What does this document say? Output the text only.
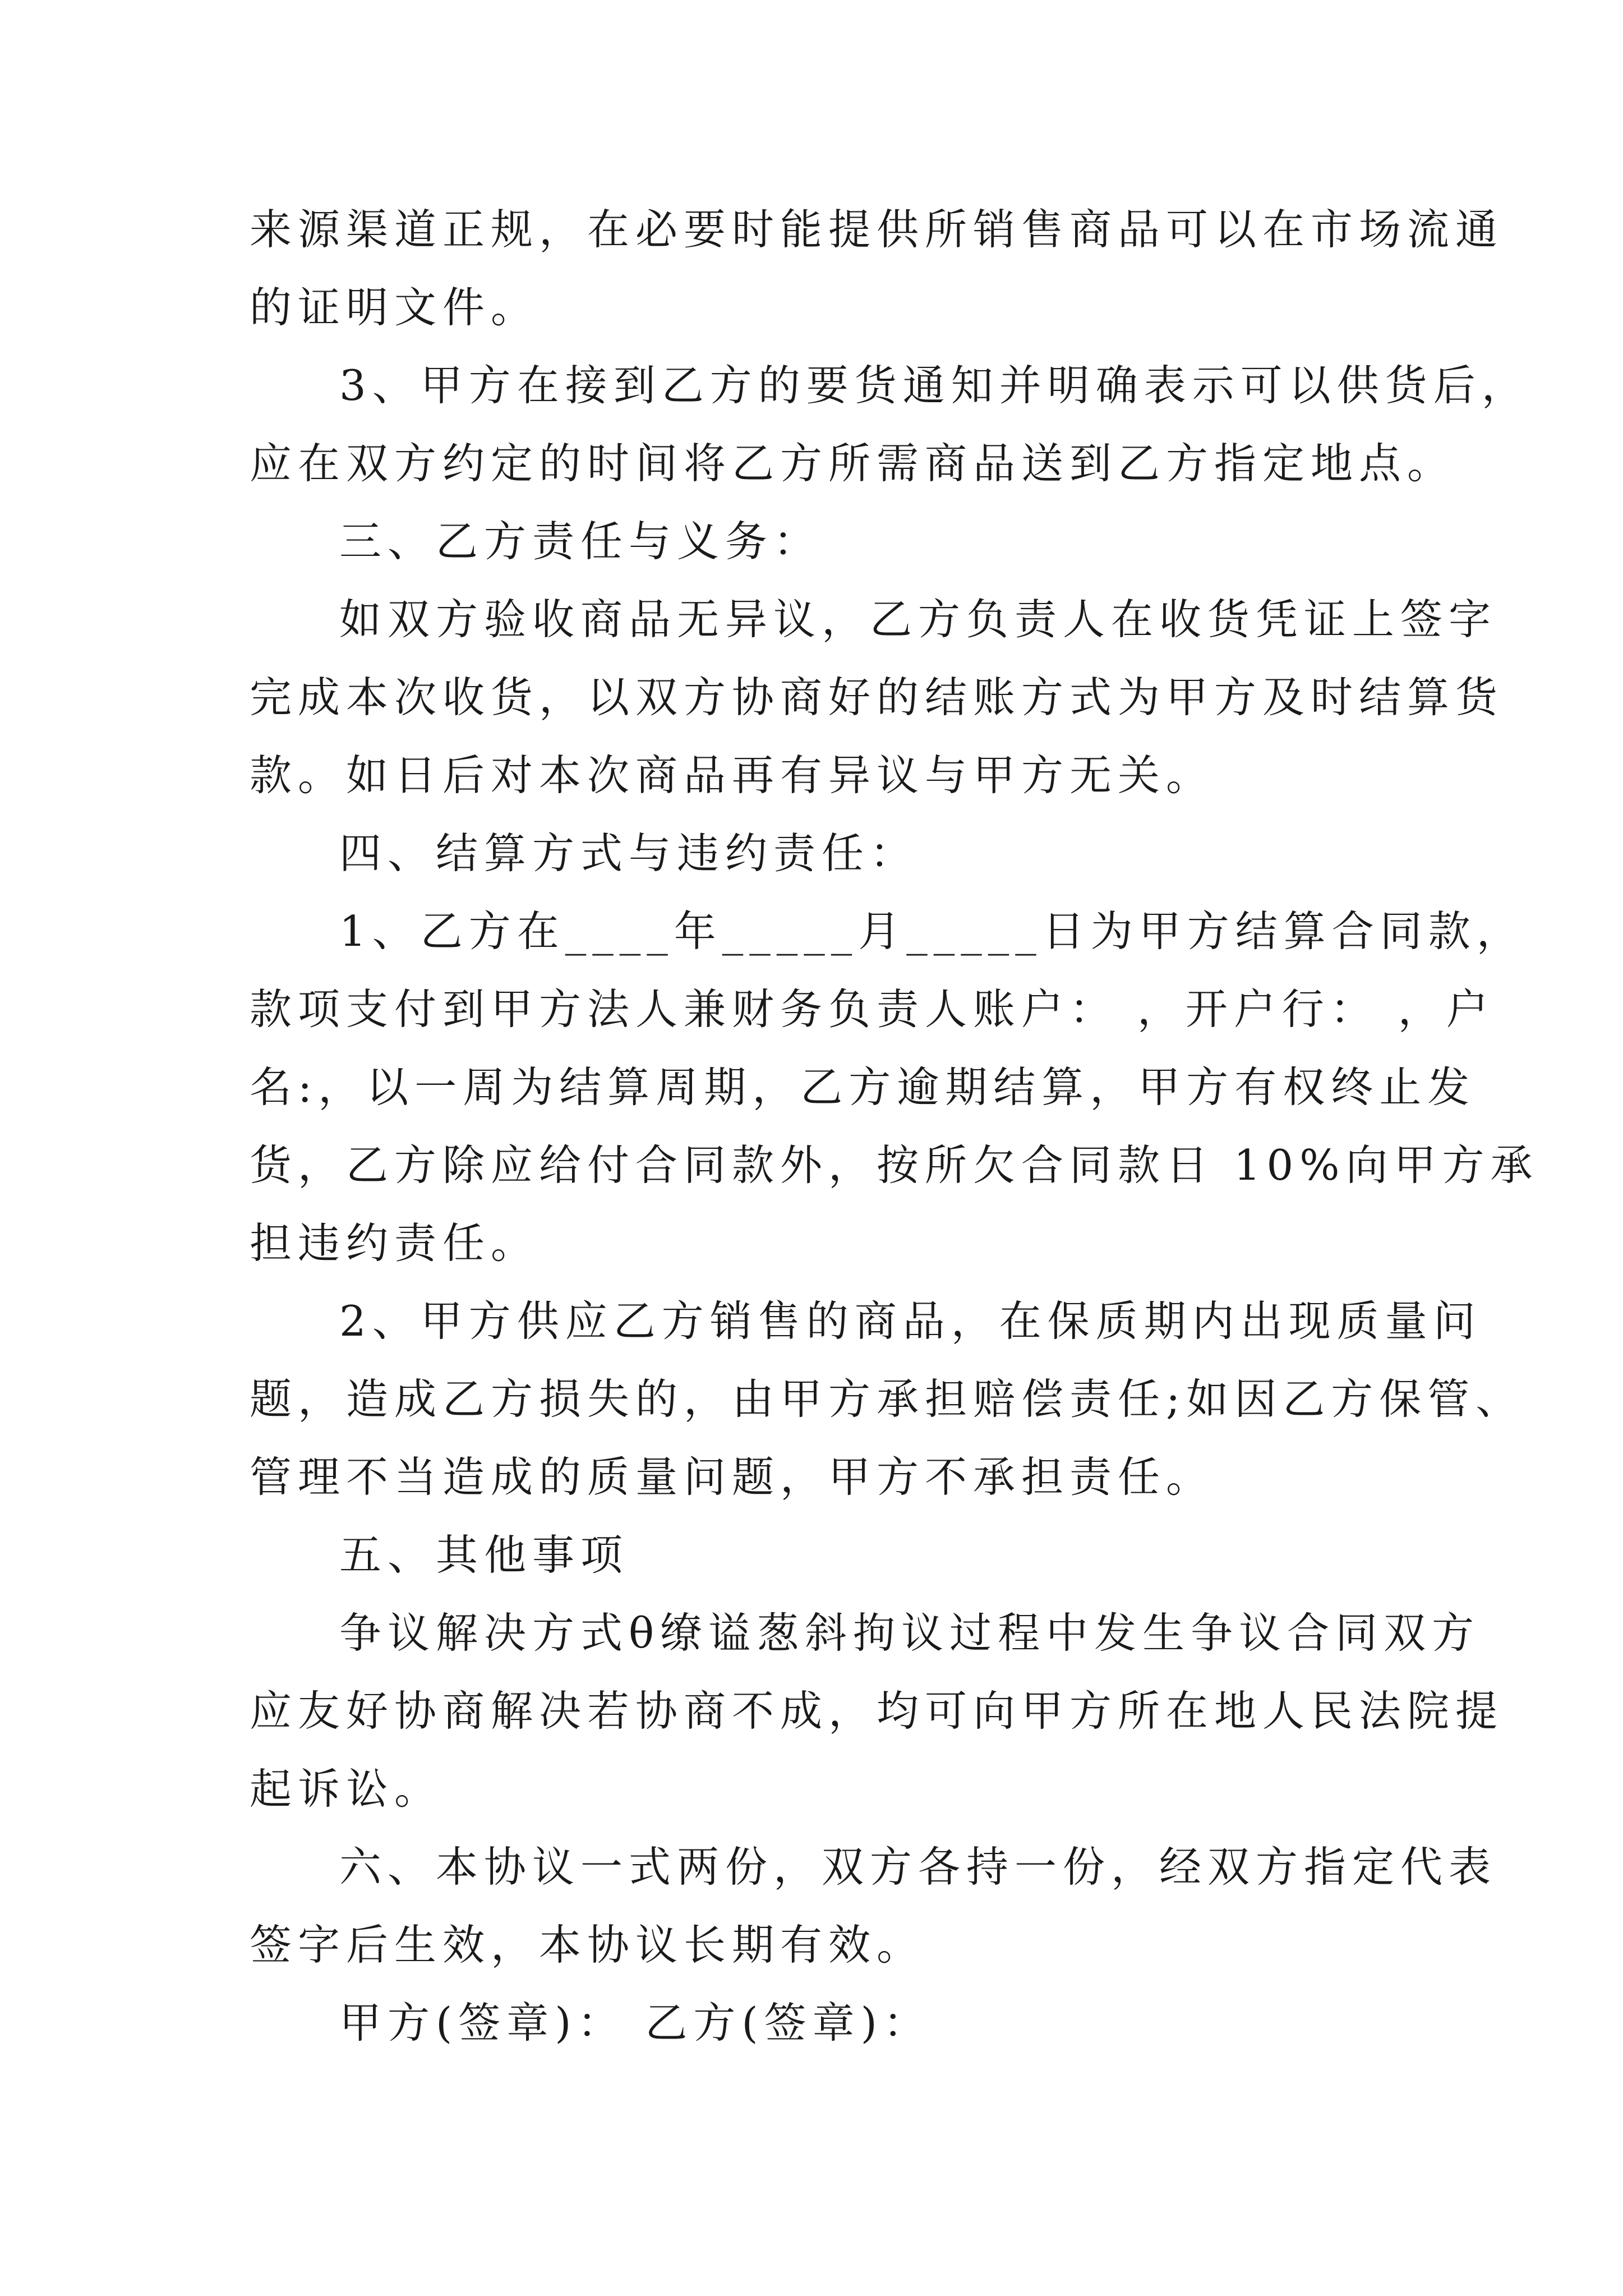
来源渠道正规，在必要时能提供所销售商品可以在市场流通
的证明文件。
3、甲方在接到乙方的要货通知并明确表示可以供货后，
应在双方约定的时间将乙方所需商品送到乙方指定地点。
三、乙方责任与义务：
如双方验收商品无异议，乙方负责人在收货凭证上签字
完成本次收货，以双方协商好的结账方式为甲方及时结算货
款。如日后对本次商品再有异议与甲方无关。
四、结算方式与违约责任：
1、乙方在____年_____月_____日为甲方结算合同款，
款项支付到甲方法人兼财务负责人账户： ，开户行： ，户
名:，以一周为结算周期，乙方逾期结算，甲方有权终止发
货，乙方除应给付合同款外，按所欠合同款日 10%向甲方承
担违约责任。
2、甲方供应乙方销售的商品，在保质期内出现质量问
题，造成乙方损失的，由甲方承担赔偿责任;如因乙方保管、
管理不当造成的质量问题，甲方不承担责任。
五、其他事项
争议解决方式θ缭谥葱斜拘议过程中发生争议合同双方
应友好协商解决若协商不成，均可向甲方所在地人民法院提
起诉讼。
六、本协议一式两份，双方各持一份，经双方指定代表
签字后生效，本协议长期有效。
甲方(签章)： 乙方(签章)：
